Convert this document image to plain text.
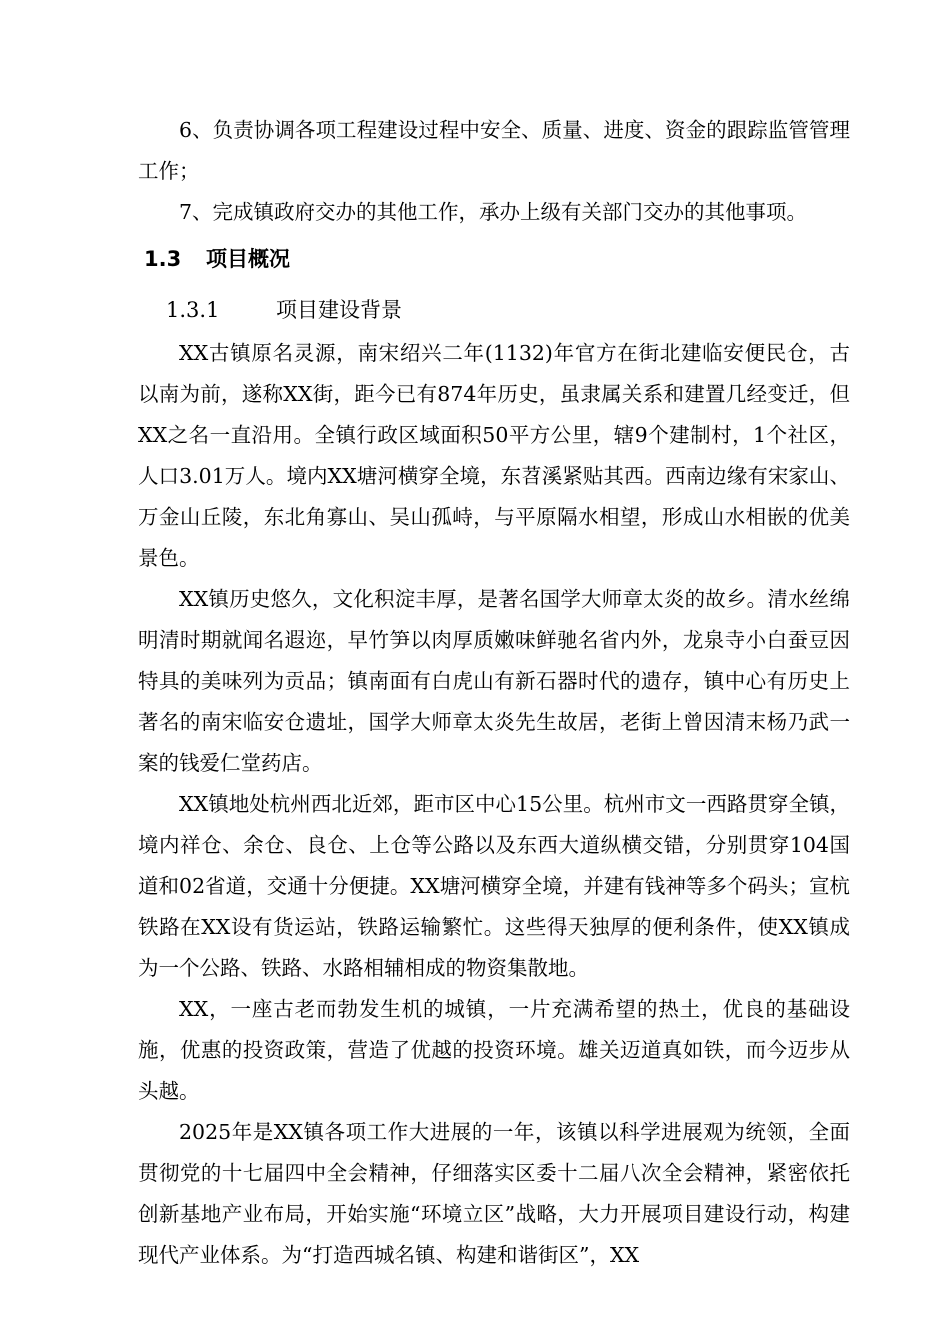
6、负责协调各项工程建设过程中安全、质量、进度、资金的跟踪监管管理工作；

7、完成镇政府交办的其他工作，承办上级有关部门交办的其他事项。

1.3 项目概况
1.3.1	项目建设背景

XX古镇原名灵源，南宋绍兴二年(1132)年官方在街北建临安便民仓，古以南为前，遂称XX街，距今已有874年历史，虽隶属关系和建置几经变迁，但XX之名一直沿用。全镇行政区域面积50平方公里，辖9个建制村，1个社区，人口3.01万人。境内XX塘河横穿全境，东苕溪紧贴其西。西南边缘有宋家山、万金山丘陵，东北角寡山、吴山孤峙，与平原隔水相望，形成山水相嵌的优美景色。

XX镇历史悠久，文化积淀丰厚，是著名国学大师章太炎的故乡。清水丝绵明清时期就闻名遐迩，早竹笋以肉厚质嫩味鲜驰名省内外，龙泉寺小白蚕豆因特具的美味列为贡品；镇南面有白虎山有新石器时代的遗存，镇中心有历史上著名的南宋临安仓遗址，国学大师章太炎先生故居，老街上曾因清末杨乃武一案的钱爱仁堂药店。

XX镇地处杭州西北近郊，距市区中心15公里。杭州市文一西路贯穿全镇，境内祥仓、余仓、良仓、上仓等公路以及东西大道纵横交错，分别贯穿104国道和02省道，交通十分便捷。XX塘河横穿全境，并建有钱神等多个码头；宣杭铁路在XX设有货运站，铁路运输繁忙。这些得天独厚的便利条件，使XX镇成为一个公路、铁路、水路相辅相成的物资集散地。

XX，一座古老而勃发生机的城镇，一片充满希望的热土，优良的基础设施，优惠的投资政策，营造了优越的投资环境。雄关迈道真如铁，而今迈步从头越。

2025年是XX镇各项工作大进展的一年，该镇以科学进展观为统领，全面贯彻党的十七届四中全会精神，仔细落实区委十二届八次全会精神，紧密依托创新基地产业布局，开始实施“环境立区”战略，大力开展项目建设行动，构建现代产业体系。为“打造西城名镇、构建和谐街区”，XX
